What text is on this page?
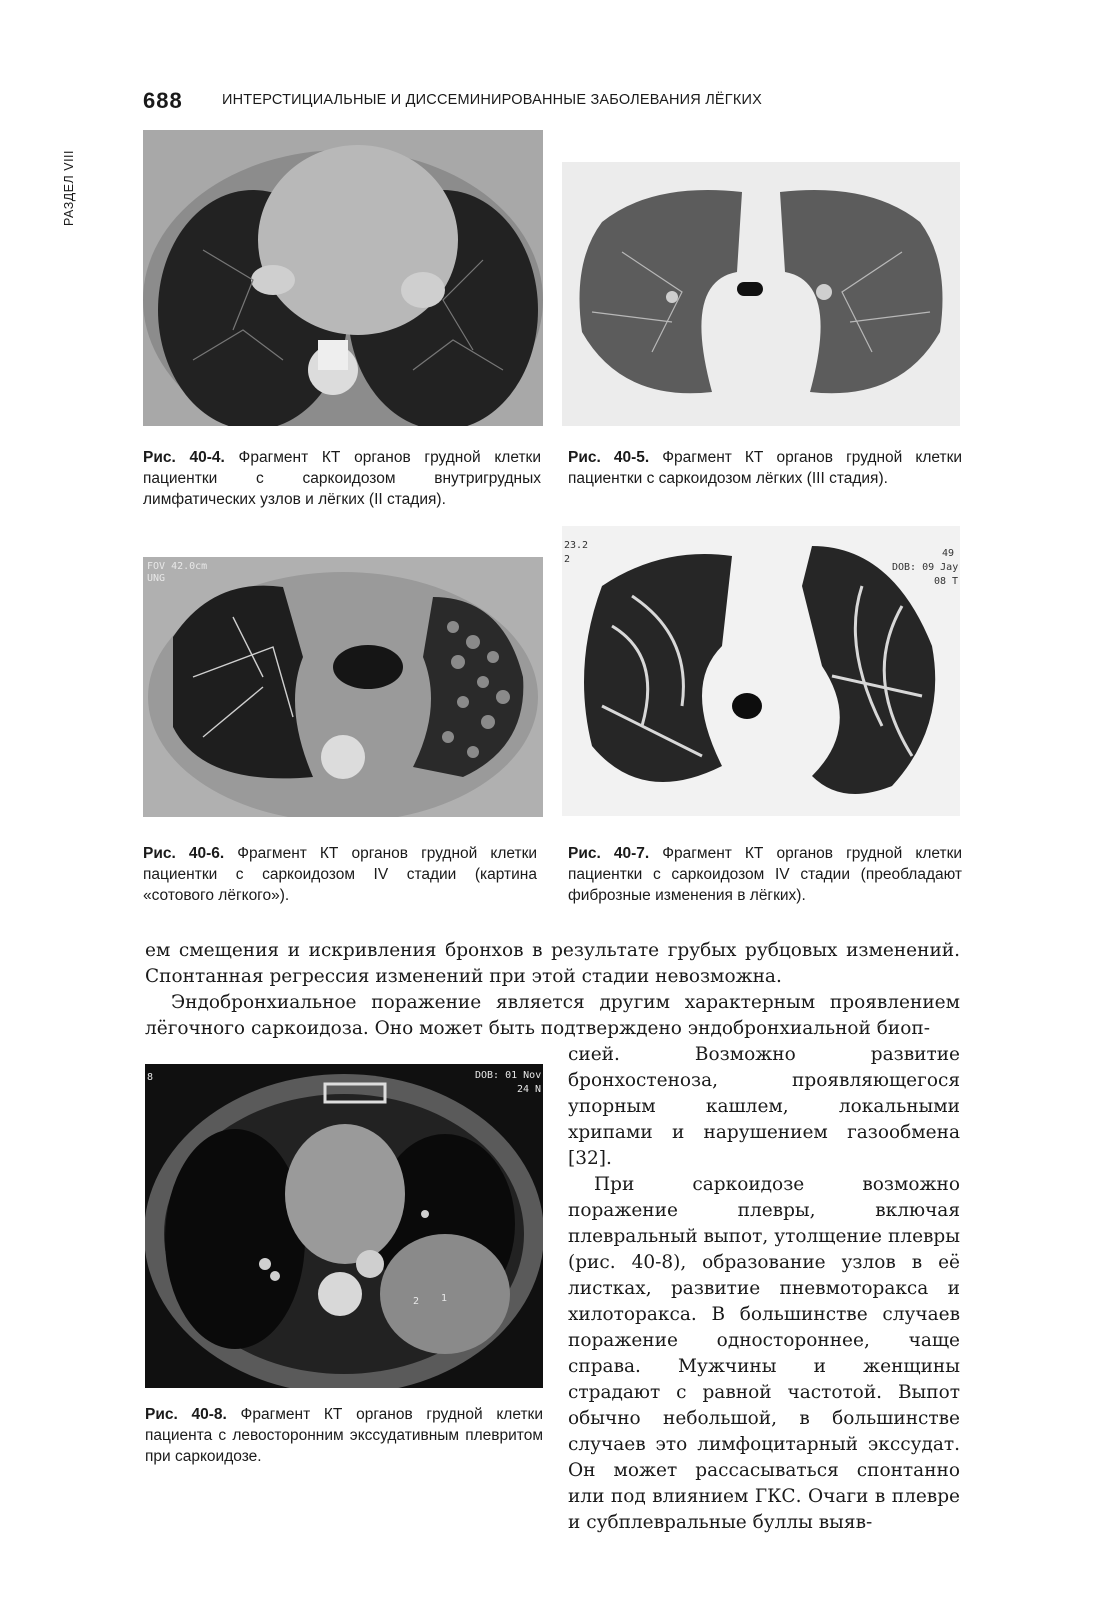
688	ИНТЕРСТИЦИАЛЬНЫЕ И ДИССЕМИНИРОВАННЫЕ ЗАБОЛЕВАНИЯ ЛЁГКИХ
РАЗДЕЛ VIII
Рис. 40-4. Фрагмент КТ органов грудной клетки пациентки с саркоидозом внутригрудных лимфатических узлов и лёгких (II стадия).
Рис. 40-5. Фрагмент КТ органов грудной клетки пациентки с саркоидозом лёгких (III стадия).
FOV 42.0cm
UNG
Рис. 40-6. Фрагмент КТ органов грудной клетки пациентки с саркоидозом IV стадии (картина «сотового лёгкого»).
23.2
2
DOB: 09 Jay
49
08 T
Рис. 40-7. Фрагмент КТ органов грудной клетки пациентки с саркоидозом IV стадии (преобладают фиброзные изменения в лёгких).

ем смещения и искривления бронхов в результате грубых рубцовых изменений. Спонтанная регрессия изменений при этой стадии невозможна.

Эндобронхиальное поражение является другим характерным проявлением лёгочного саркоидоза. Оно может быть подтверждено эндобронхиальной биоп-

DOB: 01 Nov
24 N
8
2 1
Рис. 40-8. Фрагмент КТ органов грудной клетки пациента с левосторонним экссудативным плевритом при саркоидозе.

сией. Возможно развитие бронхостеноза, проявляющегося упорным кашлем, локальными хрипами и нарушением газообмена [32].

При саркоидозе возможно поражение плевры, включая плевральный выпот, утолщение плевры (рис. 40-8), образование узлов в её листках, развитие пневмоторакса и хилоторакса. В большинстве случаев поражение одностороннее, чаще справа. Мужчины и женщины страдают с равной частотой. Выпот обычно небольшой, в большинстве случаев это лимфоцитарный экссудат. Он может рассасываться спонтанно или под влиянием ГКС. Очаги в плевре и субплевральные буллы выяв-
